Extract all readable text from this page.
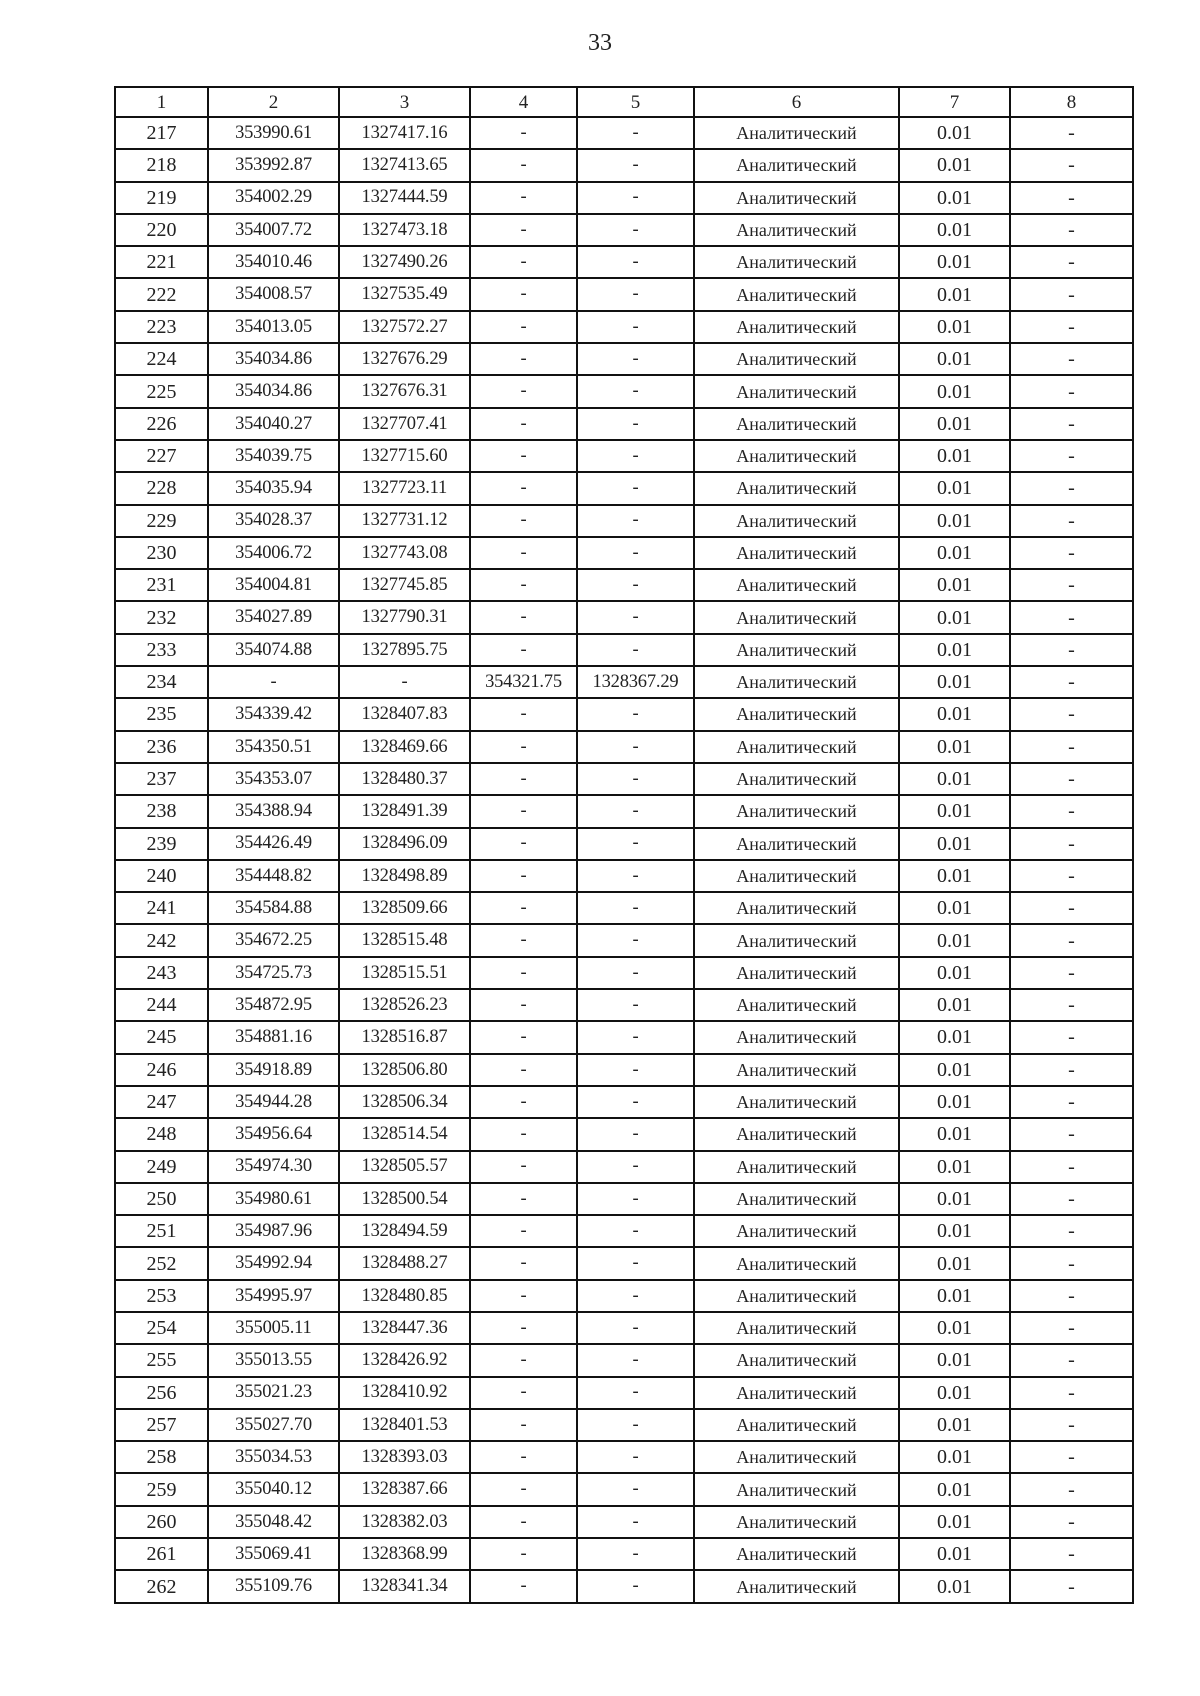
33
1	2	3	4	5	6	7	8
217	353990.61	1327417.16	-	-	Аналитический	0.01	-
218	353992.87	1327413.65	-	-	Аналитический	0.01	-
219	354002.29	1327444.59	-	-	Аналитический	0.01	-
220	354007.72	1327473.18	-	-	Аналитический	0.01	-
221	354010.46	1327490.26	-	-	Аналитический	0.01	-
222	354008.57	1327535.49	-	-	Аналитический	0.01	-
223	354013.05	1327572.27	-	-	Аналитический	0.01	-
224	354034.86	1327676.29	-	-	Аналитический	0.01	-
225	354034.86	1327676.31	-	-	Аналитический	0.01	-
226	354040.27	1327707.41	-	-	Аналитический	0.01	-
227	354039.75	1327715.60	-	-	Аналитический	0.01	-
228	354035.94	1327723.11	-	-	Аналитический	0.01	-
229	354028.37	1327731.12	-	-	Аналитический	0.01	-
230	354006.72	1327743.08	-	-	Аналитический	0.01	-
231	354004.81	1327745.85	-	-	Аналитический	0.01	-
232	354027.89	1327790.31	-	-	Аналитический	0.01	-
233	354074.88	1327895.75	-	-	Аналитический	0.01	-
234	-	-	354321.75	1328367.29	Аналитический	0.01	-
235	354339.42	1328407.83	-	-	Аналитический	0.01	-
236	354350.51	1328469.66	-	-	Аналитический	0.01	-
237	354353.07	1328480.37	-	-	Аналитический	0.01	-
238	354388.94	1328491.39	-	-	Аналитический	0.01	-
239	354426.49	1328496.09	-	-	Аналитический	0.01	-
240	354448.82	1328498.89	-	-	Аналитический	0.01	-
241	354584.88	1328509.66	-	-	Аналитический	0.01	-
242	354672.25	1328515.48	-	-	Аналитический	0.01	-
243	354725.73	1328515.51	-	-	Аналитический	0.01	-
244	354872.95	1328526.23	-	-	Аналитический	0.01	-
245	354881.16	1328516.87	-	-	Аналитический	0.01	-
246	354918.89	1328506.80	-	-	Аналитический	0.01	-
247	354944.28	1328506.34	-	-	Аналитический	0.01	-
248	354956.64	1328514.54	-	-	Аналитический	0.01	-
249	354974.30	1328505.57	-	-	Аналитический	0.01	-
250	354980.61	1328500.54	-	-	Аналитический	0.01	-
251	354987.96	1328494.59	-	-	Аналитический	0.01	-
252	354992.94	1328488.27	-	-	Аналитический	0.01	-
253	354995.97	1328480.85	-	-	Аналитический	0.01	-
254	355005.11	1328447.36	-	-	Аналитический	0.01	-
255	355013.55	1328426.92	-	-	Аналитический	0.01	-
256	355021.23	1328410.92	-	-	Аналитический	0.01	-
257	355027.70	1328401.53	-	-	Аналитический	0.01	-
258	355034.53	1328393.03	-	-	Аналитический	0.01	-
259	355040.12	1328387.66	-	-	Аналитический	0.01	-
260	355048.42	1328382.03	-	-	Аналитический	0.01	-
261	355069.41	1328368.99	-	-	Аналитический	0.01	-
262	355109.76	1328341.34	-	-	Аналитический	0.01	-
